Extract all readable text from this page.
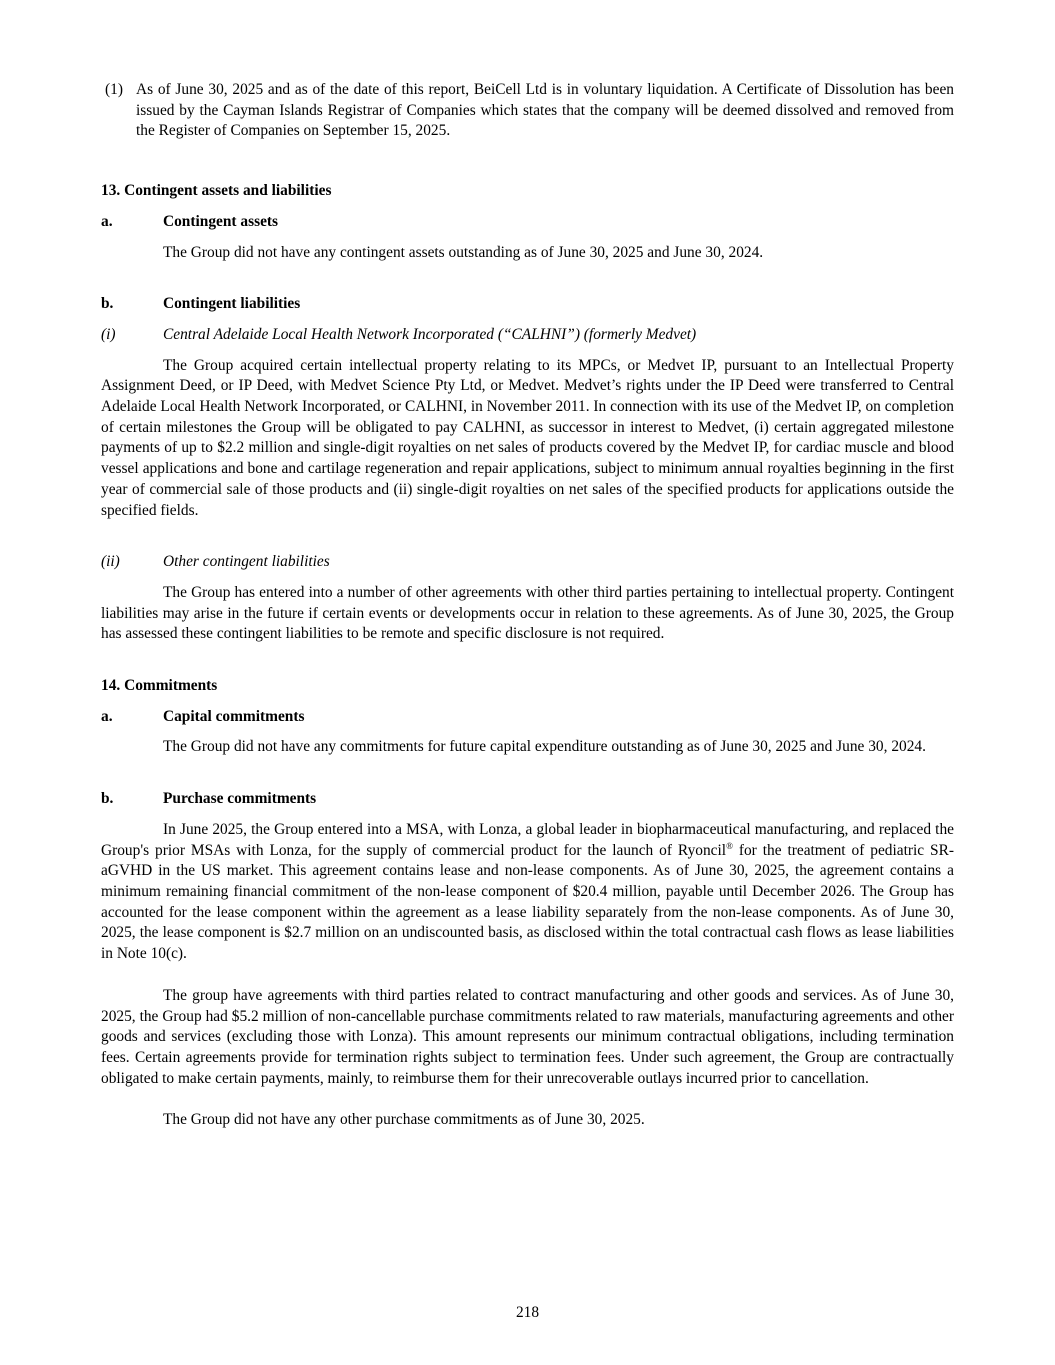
(1) As of June 30, 2025 and as of the date of this report, BeiCell Ltd is in voluntary liquidation. A Certificate of Dissolution has been issued by the Cayman Islands Registrar of Companies which states that the company will be deemed dissolved and removed from the Register of Companies on September 15, 2025.

13. Contingent assets and liabilities

a.	Contingent assets

The Group did not have any contingent assets outstanding as of June 30, 2025 and June 30, 2024.

b.	Contingent liabilities
(i)	Central Adelaide Local Health Network Incorporated (“CALHNI”) (formerly Medvet)

The Group acquired certain intellectual property relating to its MPCs, or Medvet IP, pursuant to an Intellectual Property Assignment Deed, or IP Deed, with Medvet Science Pty Ltd, or Medvet. Medvet’s rights under the IP Deed were transferred to Central Adelaide Local Health Network Incorporated, or CALHNI, in November 2011. In connection with its use of the Medvet IP, on completion of certain milestones the Group will be obligated to pay CALHNI, as successor in interest to Medvet, (i) certain aggregated milestone payments of up to $2.2 million and single-digit royalties on net sales of products covered by the Medvet IP, for cardiac muscle and blood vessel applications and bone and cartilage regeneration and repair applications, subject to minimum annual royalties beginning in the first year of commercial sale of those products and (ii) single-digit royalties on net sales of the specified products for applications outside the specified fields.

(ii)	Other contingent liabilities

The Group has entered into a number of other agreements with other third parties pertaining to intellectual property. Contingent liabilities may arise in the future if certain events or developments occur in relation to these agreements. As of June 30, 2025, the Group has assessed these contingent liabilities to be remote and specific disclosure is not required.

14. Commitments

a.	Capital commitments

The Group did not have any commitments for future capital expenditure outstanding as of June 30, 2025 and June 30, 2024.

b.	Purchase commitments

In June 2025, the Group entered into a MSA, with Lonza, a global leader in biopharmaceutical manufacturing, and replaced the Group's prior MSAs with Lonza, for the supply of commercial product for the launch of Ryoncil® for the treatment of pediatric SR-aGVHD in the US market. This agreement contains lease and non-lease components. As of June 30, 2025, the agreement contains a minimum remaining financial commitment of the non-lease component of $20.4 million, payable until December 2026. The Group has accounted for the lease component within the agreement as a lease liability separately from the non-lease components. As of June 30, 2025, the lease component is $2.7 million on an undiscounted basis, as disclosed within the total contractual cash flows as lease liabilities in Note 10(c).

The group have agreements with third parties related to contract manufacturing and other goods and services. As of June 30, 2025, the Group had $5.2 million of non-cancellable purchase commitments related to raw materials, manufacturing agreements and other goods and services (excluding those with Lonza). This amount represents our minimum contractual obligations, including termination fees. Certain agreements provide for termination rights subject to termination fees. Under such agreement, the Group are contractually obligated to make certain payments, mainly, to reimburse them for their unrecoverable outlays incurred prior to cancellation.

The Group did not have any other purchase commitments as of June 30, 2025.

218
